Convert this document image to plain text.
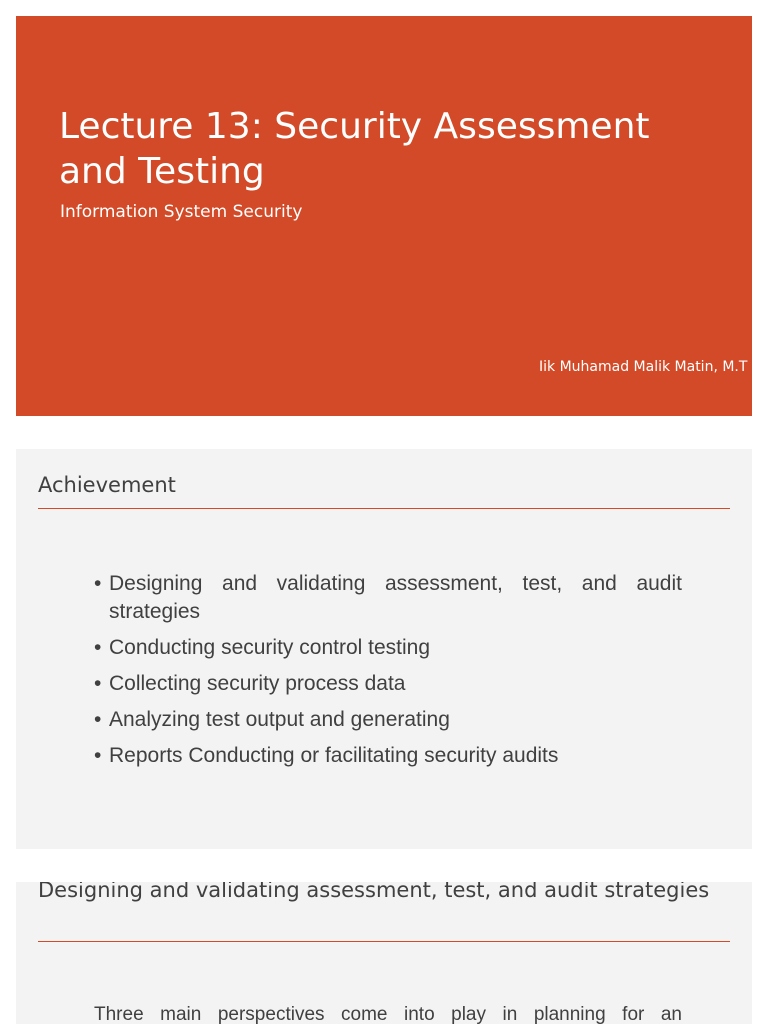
Lecture 13: Security Assessment and Testing
Information System Security
Iik Muhamad Malik Matin, M.T
Achievement
• Designing and validating assessment, test, and audit strategies
• Conducting security control testing
• Collecting security process data
• Analyzing test output and generating
• Reports Conducting or facilitating security audits
Designing and validating assessment, test, and audit strategies

Three main perspectives come into play in planning for an
